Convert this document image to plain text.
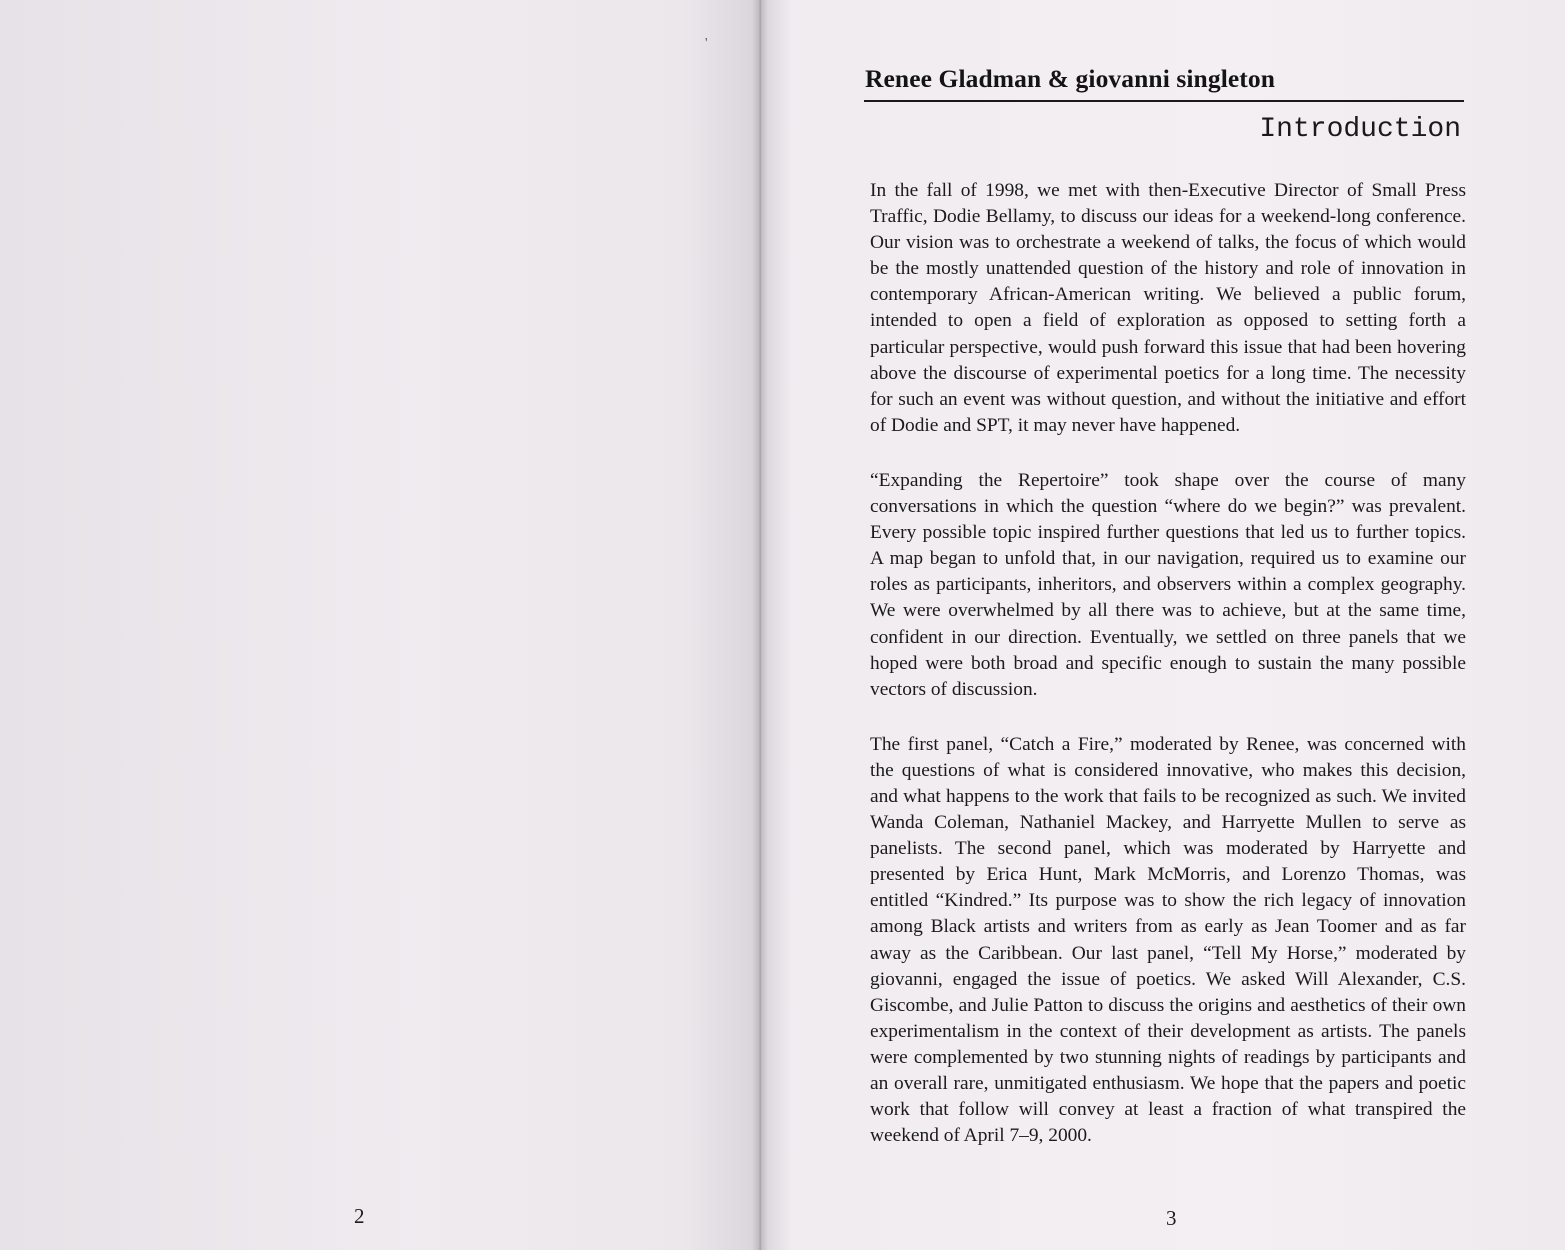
2

'
Renee Gladman & giovanni singleton
Introduction

In the fall of 1998, we met with then-Executive Director of Small Press Traffic, Dodie Bellamy, to discuss our ideas for a weekend-long conference. Our vision was to orchestrate a weekend of talks, the focus of which would be the mostly unattended question of the history and role of innovation in contemporary African-American writing. We believed a public forum, intended to open a field of exploration as opposed to setting forth a particular perspective, would push forward this issue that had been hovering above the discourse of experimental poetics for a long time. The necessity for such an event was without question, and without the initiative and effort of Dodie and SPT, it may never have happened.

“Expanding the Repertoire” took shape over the course of many conversations in which the question “where do we begin?” was prevalent. Every possible topic inspired further questions that led us to further topics. A map began to unfold that, in our navigation, required us to examine our roles as participants, inheritors, and observers within a complex geography. We were overwhelmed by all there was to achieve, but at the same time, confident in our direction. Eventually, we settled on three panels that we hoped were both broad and specific enough to sustain the many possible vectors of discussion.

The first panel, “Catch a Fire,” moderated by Renee, was concerned with the questions of what is considered innovative, who makes this decision, and what happens to the work that fails to be recognized as such. We invited Wanda Coleman, Nathaniel Mackey, and Harryette Mullen to serve as panelists. The second panel, which was moderated by Harryette and presented by Erica Hunt, Mark McMorris, and Lorenzo Thomas, was entitled “Kindred.” Its purpose was to show the rich legacy of innovation among Black artists and writers from as early as Jean Toomer and as far away as the Caribbean. Our last panel, “Tell My Horse,” moderated by giovanni, engaged the issue of poetics. We asked Will Alexander, C.S. Giscombe, and Julie Patton to discuss the origins and aesthetics of their own experimentalism in the context of their development as artists. The panels were complemented by two stunning nights of readings by participants and an overall rare, unmitigated enthusiasm. We hope that the papers and poetic work that follow will convey at least a fraction of what transpired the weekend of April 7–9, 2000.

3
